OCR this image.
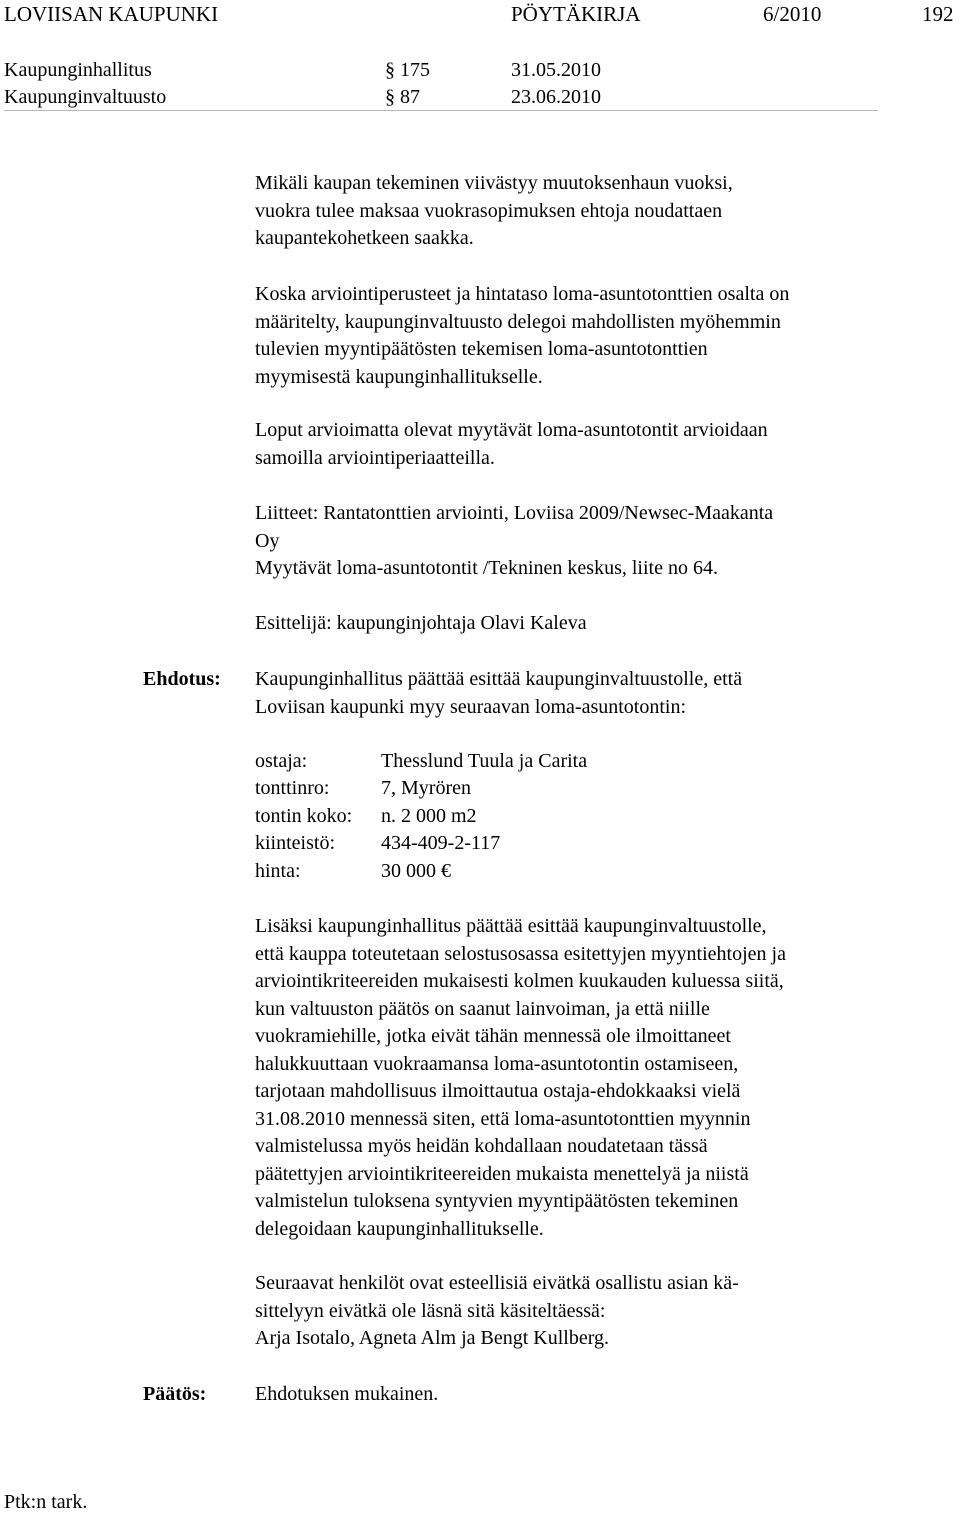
LOVIISAN KAUPUNKI	PÖYTÄKIRJA	6/2010	192
Kaupunginhallitus	§ 175	31.05.2010
Kaupunginvaltuusto	§ 87	23.06.2010
Mikäli kaupan tekeminen viivästyy muutoksenhaun vuoksi,
vuokra tulee maksaa vuokrasopimuksen ehtoja noudattaen
kaupantekohetkeen saakka.
Koska arviointiperusteet ja hintataso loma-asuntotonttien osalta on
määritelty, kaupunginvaltuusto delegoi mahdollisten myöhemmin
tulevien myyntipäätösten tekemisen loma-asuntotonttien
myymisestä kaupunginhallitukselle.
Loput arvioimatta olevat myytävät loma-asuntotontit arvioidaan
samoilla arviointiperiaatteilla.
Liitteet: Rantatonttien arviointi, Loviisa 2009/Newsec-Maakanta
Oy
Myytävät loma-asuntotontit /Tekninen keskus, liite no 64.
Esittelijä: kaupunginjohtaja Olavi Kaleva
Ehdotus: Kaupunginhallitus päättää esittää kaupunginvaltuustolle, että
Loviisan kaupunki myy seuraavan loma-asuntotontin:
ostaja:	Thesslund Tuula ja Carita
tonttinro:	7, Myrören
tontin koko: n. 2 000 m2
kiinteistö: 434-409-2-117
hinta:	30 000 €
Lisäksi kaupunginhallitus päättää esittää kaupunginvaltuustolle,
että kauppa toteutetaan selostusosassa esitettyjen myyntiehtojen ja
arviointikriteereiden mukaisesti kolmen kuukauden kuluessa siitä,
kun valtuuston päätös on saanut lainvoiman, ja että niille
vuokramiehille, jotka eivät tähän mennessä ole ilmoittaneet
halukkuuttaan vuokraamansa loma-asuntotontin ostamiseen,
tarjotaan mahdollisuus ilmoittautua ostaja-ehdokkaaksi vielä
31.08.2010 mennessä siten, että loma-asuntotonttien myynnin
valmistelussa myös heidän kohdallaan noudatetaan tässä
päätettyjen arviointikriteereiden mukaista menettelyä ja niistä
valmistelun tuloksena syntyvien myyntipäätösten tekeminen
delegoidaan kaupunginhallitukselle.
Seuraavat henkilöt ovat esteellisiä eivätkä osallistu asian kä-
sittelyyn eivätkä ole läsnä sitä käsiteltäessä:
Arja Isotalo, Agneta Alm ja Bengt Kullberg.
Päätös: Ehdotuksen mukainen.
Ptk:n tark.
